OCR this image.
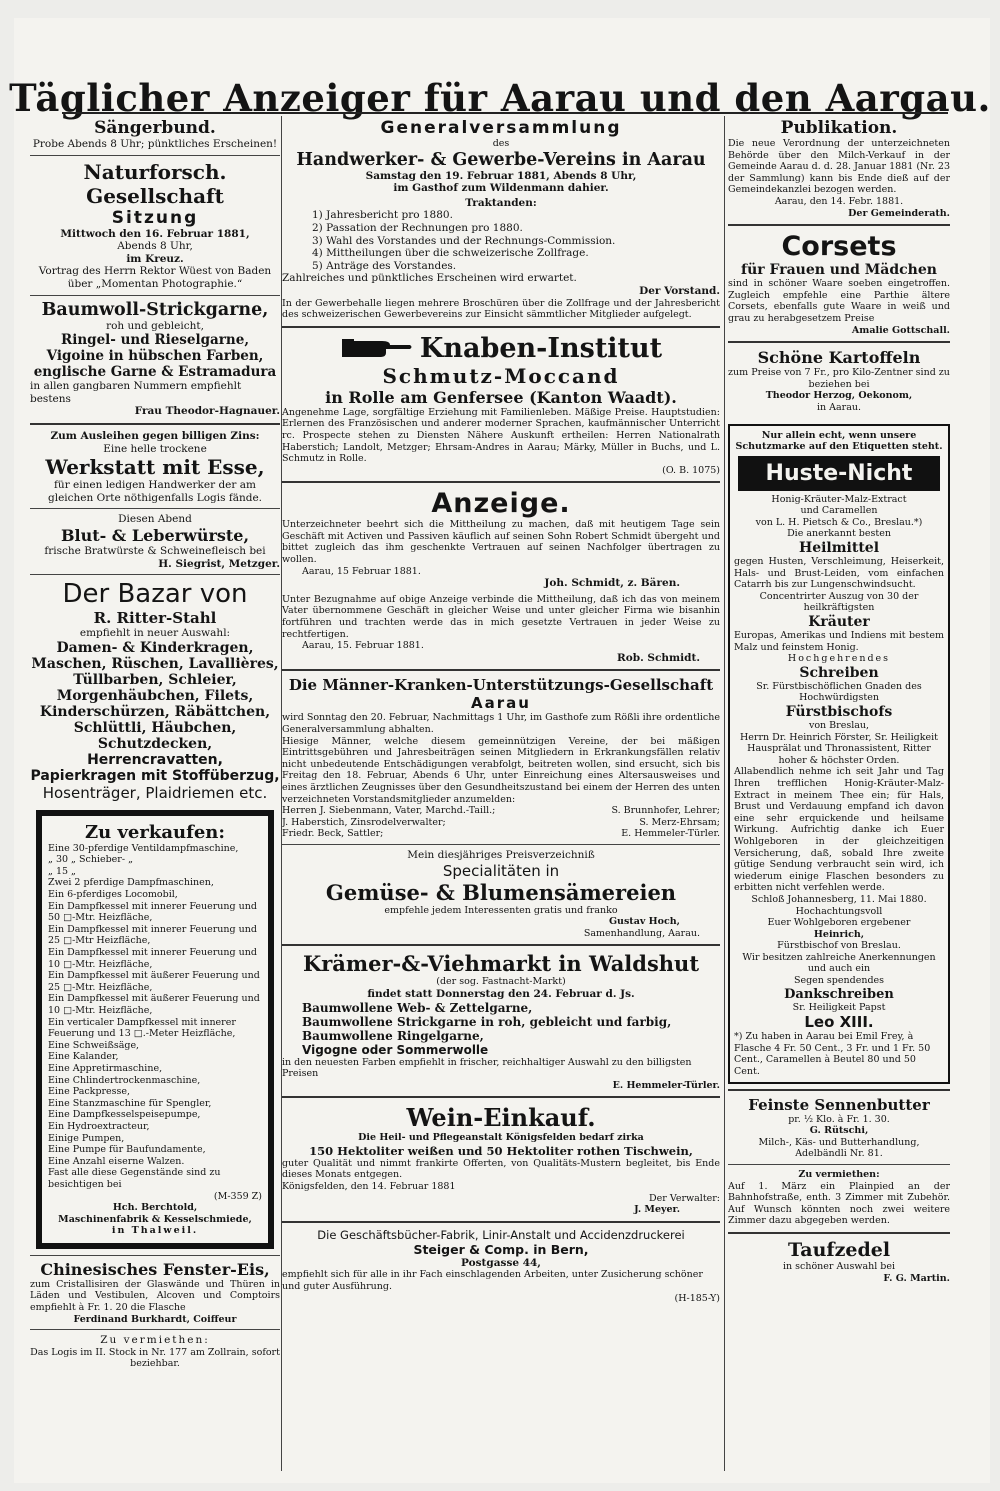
Täglicher Anzeiger für Aarau und den Aargau.
Sängerbund.
Probe Abends 8 Uhr; pünktliches Erscheinen!
Naturforsch. Gesellschaft
Sitzung
Mittwoch den 16. Februar 1881,
Abends 8 Uhr,
im Kreuz.
Vortrag des Herrn Rektor Wüest von Baden über „Momentan Photographie.“
Baumwoll-Strickgarne,
roh und gebleicht,
Ringel- und Rieselgarne,
Vigoine in hübschen Farben,
englische Garne & Estramadura
in allen gangbaren Nummern empfiehlt bestens
Frau Theodor-Hagnauer.
Zum Ausleihen gegen billigen Zins:
Eine helle trockene
Werkstatt mit Esse,
für einen ledigen Handwerker der am gleichen Orte nöthigenfalls Logis fände.
Diesen Abend
Blut- & Leberwürste,
frische Bratwürste & Schweinefleisch bei
H. Siegrist, Metzger.
Der Bazar von
R. Ritter-Stahl
empfiehlt in neuer Auswahl:
Damen- & Kinderkragen,
Maschen, Rüschen, Lavallières, Tüllbarben, Schleier,
Morgenhäubchen, Filets,
Kinderschürzen, Räbättchen,
Schlüttli, Häubchen, Schutzdecken,
Herrencravatten,
Papierkragen mit Stoffüberzug,
Hosenträger, Plaidriemen etc.
Zu verkaufen:
Eine 30-pferdige Ventildampfmaschine,
„ 30 „ Schieber- „
„ 15 „
Zwei 2 pferdige Dampfmaschinen,
Ein 6-pferdiges Locomobil,
Ein Dampfkessel mit innerer Feuerung und 50 □-Mtr. Heizfläche,
Ein Dampfkessel mit innerer Feuerung und 25 □-Mtr Heizfläche,
Ein Dampfkessel mit innerer Feuerung und 10 □-Mtr. Heizfläche,
Ein Dampfkessel mit äußerer Feuerung und 25 □-Mtr. Heizfläche,
Ein Dampfkessel mit äußerer Feuerung und 10 □-Mtr. Heizfläche,
Ein verticaler Dampfkessel mit innerer Feuerung und 13 □.-Meter Heizfläche,
Eine Schweißsäge,
Eine Kalander,
Eine Appretirmaschine,
Eine Chlindertrockenmaschine,
Eine Packpresse,
Eine Stanzmaschine für Spengler,
Eine Dampfkesselspeisepumpe,
Ein Hydroextracteur,
Einige Pumpen,
Eine Pumpe für Baufundamente,
Eine Anzahl eiserne Walzen.
Fast alle diese Gegenstände sind zu besichtigen bei
(M-359 Z)
Hch. Berchtold,
Maschinenfabrik & Kesselschmiede,
in Thalweil.
Chinesisches Fenster-Eis,
zum Cristallisiren der Glaswände und Thüren in Läden und Vestibulen, Alcoven und Comptoirs empfiehlt à Fr. 1. 20 die Flasche
Ferdinand Burkhardt, Coiffeur
Zu vermiethen:
Das Logis im II. Stock in Nr. 177 am Zollrain, sofort beziehbar.
Generalversammlung
des
Handwerker- & Gewerbe-Vereins in Aarau
Samstag den 19. Februar 1881, Abends 8 Uhr,
im Gasthof zum Wildenmann dahier.
Traktanden:
1) Jahresbericht pro 1880.
2) Passation der Rechnungen pro 1880.
3) Wahl des Vorstandes und der Rechnungs-Commission.
4) Mittheilungen über die schweizerische Zollfrage.
5) Anträge des Vorstandes.
Zahlreiches und pünktliches Erscheinen wird erwartet.
Der Vorstand.
In der Gewerbehalle liegen mehrere Broschüren über die Zollfrage und der Jahresbericht des schweizerischen Gewerbevereins zur Einsicht sämmtlicher Mitglieder aufgelegt.
Knaben-Institut
Schmutz-Moccand
in Rolle am Genfersee (Kanton Waadt).
Angenehme Lage, sorgfältige Erziehung mit Familienleben. Mäßige Preise. Hauptstudien: Erlernen des Französischen und anderer moderner Sprachen, kaufmännischer Unterricht rc. Prospecte stehen zu Diensten Nähere Auskunft ertheilen: Herren Nationalrath Haberstich; Landolt, Metzger; Ehrsam-Andres in Aarau; Märky, Müller in Buchs, und L. Schmutz in Rolle.
(O. B. 1075)
Anzeige.
Unterzeichneter beehrt sich die Mittheilung zu machen, daß mit heutigem Tage sein Geschäft mit Activen und Passiven käuflich auf seinen Sohn Robert Schmidt übergeht und bittet zugleich das ihm geschenkte Vertrauen auf seinen Nachfolger übertragen zu wollen.
Aarau, 15 Februar 1881.
Joh. Schmidt, z. Bären.
Unter Bezugnahme auf obige Anzeige verbinde die Mittheilung, daß ich das von meinem Vater übernommene Geschäft in gleicher Weise und unter gleicher Firma wie bisanhin fortführen und trachten werde das in mich gesetzte Vertrauen in jeder Weise zu rechtfertigen.
Aarau, 15. Februar 1881.
Rob. Schmidt.
Die Männer-Kranken-Unterstützungs-Gesellschaft
Aarau
wird Sonntag den 20. Februar, Nachmittags 1 Uhr, im Gasthofe zum Rößli ihre ordentliche Generalversammlung abhalten.
Hiesige Männer, welche diesem gemeinnützigen Vereine, der bei mäßigen Eintrittsgebühren und Jahresbeiträgen seinen Mitgliedern in Erkrankungsfällen relativ nicht unbedeutende Entschädigungen verabfolgt, beitreten wollen, sind ersucht, sich bis Freitag den 18. Februar, Abends 6 Uhr, unter Einreichung eines Altersausweises und eines ärztlichen Zeugnisses über den Gesundheitszustand bei einem der Herren des unten verzeichneten Vorstandsmitglieder anzumelden:
Herren J. Siebenmann, Vater, Marchd.-Taill.;	S. Brunnhofer, Lehrer;
J. Haberstich, Zinsrodelverwalter;	S. Merz-Ehrsam;
Friedr. Beck, Sattler;	E. Hemmeler-Türler.
Mein diesjähriges Preisverzeichniß
Specialitäten in
Gemüse- & Blumensämereien
empfehle jedem Interessenten gratis und franko
Gustav Hoch,
Samenhandlung, Aarau.
Krämer-&-Viehmarkt in Waldshut
(der sog. Fastnacht-Markt)
findet statt Donnerstag den 24. Februar d. Js.
Baumwollene Web- & Zettelgarne,
Baumwollene Strickgarne in roh, gebleicht und farbig,
Baumwollene Ringelgarne,
Vigogne oder Sommerwolle
in den neuesten Farben empfiehlt in frischer, reichhaltiger Auswahl zu den billigsten Preisen
E. Hemmeler-Türler.
Wein-Einkauf.
Die Heil- und Pflegeanstalt Königsfelden bedarf zirka
150 Hektoliter weißen und 50 Hektoliter rothen Tischwein,
guter Qualität und nimmt frankirte Offerten, von Qualitäts-Mustern begleitet, bis Ende dieses Monats entgegen.
Königsfelden, den 14. Februar 1881
Der Verwalter:
J. Meyer.
Die Geschäftsbücher-Fabrik, Linir-Anstalt und Accidenzdruckerei
Steiger & Comp. in Bern,
Postgasse 44,
empfiehlt sich für alle in ihr Fach einschlagenden Arbeiten, unter Zusicherung schöner und guter Ausführung.
(H-185-Y)
Publikation.
Die neue Verordnung der unterzeichneten Behörde über den Milch-Verkauf in der Gemeinde Aarau d. d. 28. Januar 1881 (Nr. 23 der Sammlung) kann bis Ende dieß auf der Gemeindekanzlei bezogen werden.
Aarau, den 14. Febr. 1881.
Der Gemeinderath.
Corsets
für Frauen und Mädchen
sind in schöner Waare soeben eingetroffen. Zugleich empfehle eine Parthie ältere Corsets, ebenfalls gute Waare in weiß und grau zu herabgesetzem Preise
Amalie Gottschall.
Schöne Kartoffeln
zum Preise von 7 Fr., pro Kilo-Zentner sind zu beziehen bei
Theodor Herzog, Oekonom,
in Aarau.
Nur allein echt, wenn unsere Schutzmarke auf den Etiquetten steht.
Huste-Nicht
Honig-Kräuter-Malz-Extract
und Caramellen
von L. H. Pietsch & Co., Breslau.*)
Die anerkannt besten
Heilmittel
gegen Husten, Verschleimung, Heiserkeit, Hals- und Brust-Leiden, vom einfachen Catarrh bis zur Lungenschwindsucht.
Concentrirter Auszug von 30 der heilkräftigsten
Kräuter
Europas, Amerikas und Indiens mit bestem Malz und feinstem Honig.
Hochgehrendes
Schreiben
Sr. Fürstbischöflichen Gnaden des Hochwürdigsten
Fürstbischofs
von Breslau,
Herrn Dr. Heinrich Förster, Sr. Heiligkeit Hausprälat und Thronassistent, Ritter hoher & höchster Orden.
Allabendlich nehme ich seit Jahr und Tag Ihren trefflichen Honig-Kräuter-Malz-Extract in meinem Thee ein; für Hals, Brust und Verdauung empfand ich davon eine sehr erquickende und heilsame Wirkung. Aufrichtig danke ich Euer Wohlgeboren in der gleichzeitigen Versicherung, daß, sobald Ihre zweite gütige Sendung verbraucht sein wird, ich wiederum einige Flaschen besonders zu erbitten nicht verfehlen werde.
Schloß Johannesberg, 11. Mai 1880.
Hochachtungsvoll
Euer Wohlgeboren ergebener
Heinrich,
Fürstbischof von Breslau.
Wir besitzen zahlreiche Anerkennungen und auch ein
Segen spendendes
Dankschreiben
Sr. Heiligkeit Papst
Leo XIII.
*) Zu haben in Aarau bei Emil Frey, à Flasche 4 Fr. 50 Cent., 3 Fr. und 1 Fr. 50 Cent., Caramellen à Beutel 80 und 50 Cent.
Feinste Sennenbutter
pr. ½ Klo. à Fr. 1. 30.
G. Rütschi,
Milch-, Käs- und Butterhandlung,
Adelbändli Nr. 81.
Zu vermiethen:
Auf 1. März ein Plainpied an der Bahnhofstraße, enth. 3 Zimmer mit Zubehör. Auf Wunsch könnten noch zwei weitere Zimmer dazu abgegeben werden.
Taufzedel
in schöner Auswahl bei
F. G. Martin.
